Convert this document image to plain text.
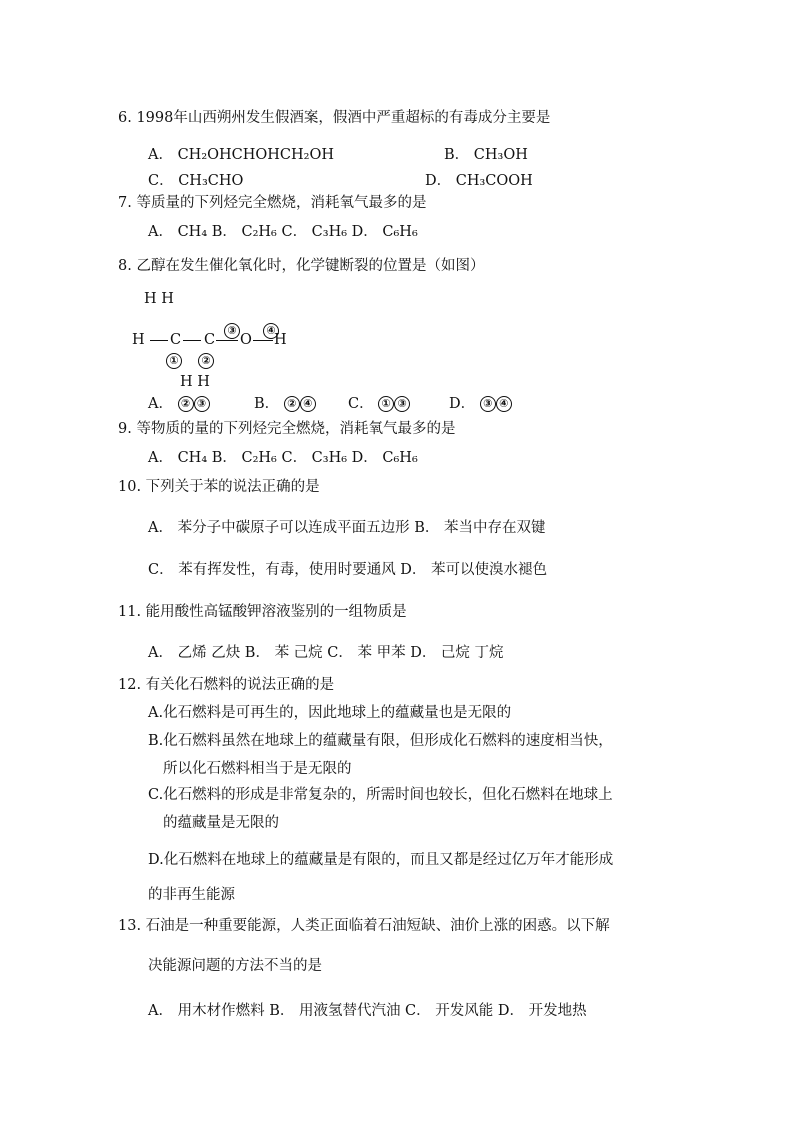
6. 1998年山西朔州发生假酒案，假酒中严重超标的有毒成分主要是
A． CH₂OHCHOHCH₂OH	B． CH₃OH
C． CH₃CHO	D． CH₃COOH
7. 等质量的下列烃完全燃烧，消耗氧气最多的是
A． CH₄ B． C₂H₆ C． C₃H₆ D． C₆H₆
8. 乙醇在发生催化氧化时，化学键断裂的位置是（如图）
H H
H C C O H
③	④
①	②
H H
A． ② ③	B． ② ④ C． ① ③	D． ③ ④
9. 等物质的量的下列烃完全燃烧，消耗氧气最多的是
A． CH₄ B． C₂H₆ C． C₃H₆ D． C₆H₆
10. 下列关于苯的说法正确的是
A． 苯分子中碳原子可以连成平面五边形 B． 苯当中存在双键
C． 苯有挥发性，有毒，使用时要通风 D． 苯可以使溴水褪色
11. 能用酸性高锰酸钾溶液鉴别的一组物质是
A． 乙烯 乙炔 B． 苯 己烷 C． 苯 甲苯 D． 己烷 丁烷
12. 有关化石燃料的说法正确的是
A.化石燃料是可再生的，因此地球上的蕴藏量也是无限的
B.化石燃料虽然在地球上的蕴藏量有限，但形成化石燃料的速度相当快，
所以化石燃料相当于是无限的
C.化石燃料的形成是非常复杂的，所需时间也较长，但化石燃料在地球上
的蕴藏量是无限的
D.化石燃料在地球上的蕴藏量是有限的，而且又都是经过亿万年才能形成
的非再生能源
13. 石油是一种重要能源，人类正面临着石油短缺、油价上涨的困惑。以下解
决能源问题的方法不当的是
A． 用木材作燃料 B． 用液氢替代汽油 C． 开发风能 D． 开发地热
